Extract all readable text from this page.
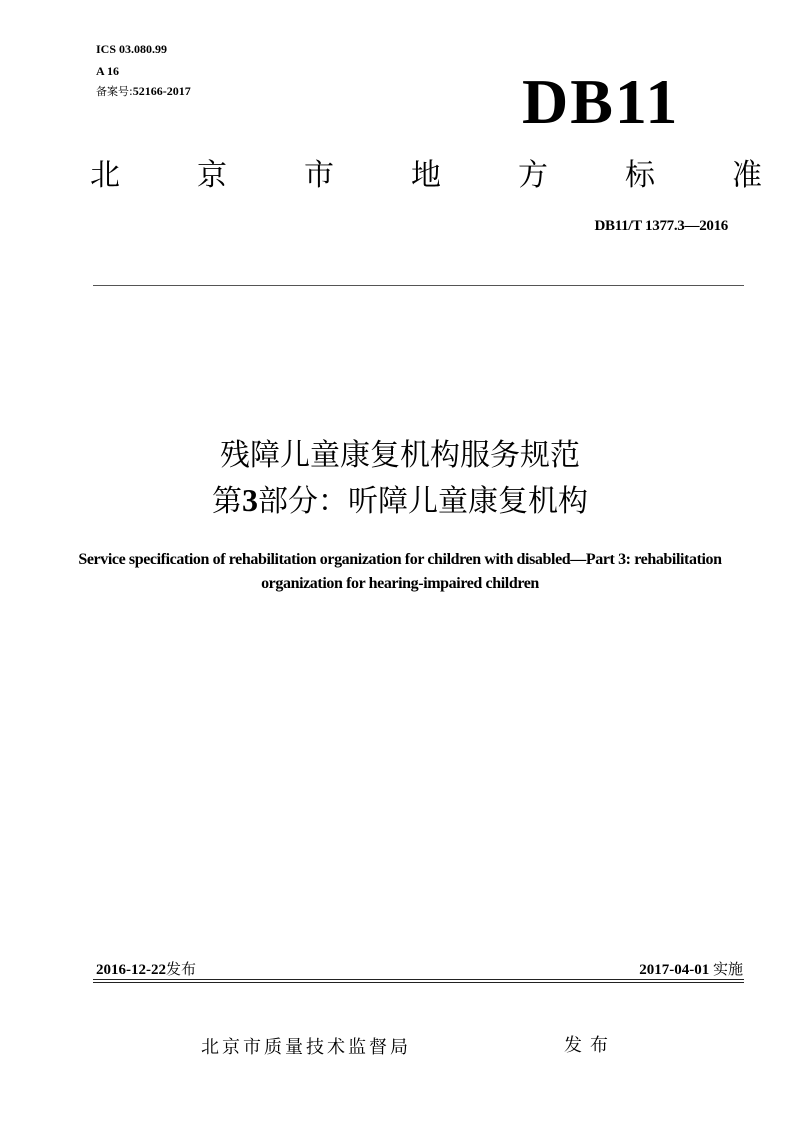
ICS 03.080.99
A 16
备案号:52166-2017	DB11
北	京	市	地	方	标	准
DB11/T 1377.3—2016
残障儿童康复机构服务规范
第3部分：听障儿童康复机构
Service specification of rehabilitation organization for children with disabled—Part 3: rehabilitation organization for hearing-impaired children
2016-12-22发布	2017-04-01 实施
北京市质量技术监督局	发布
